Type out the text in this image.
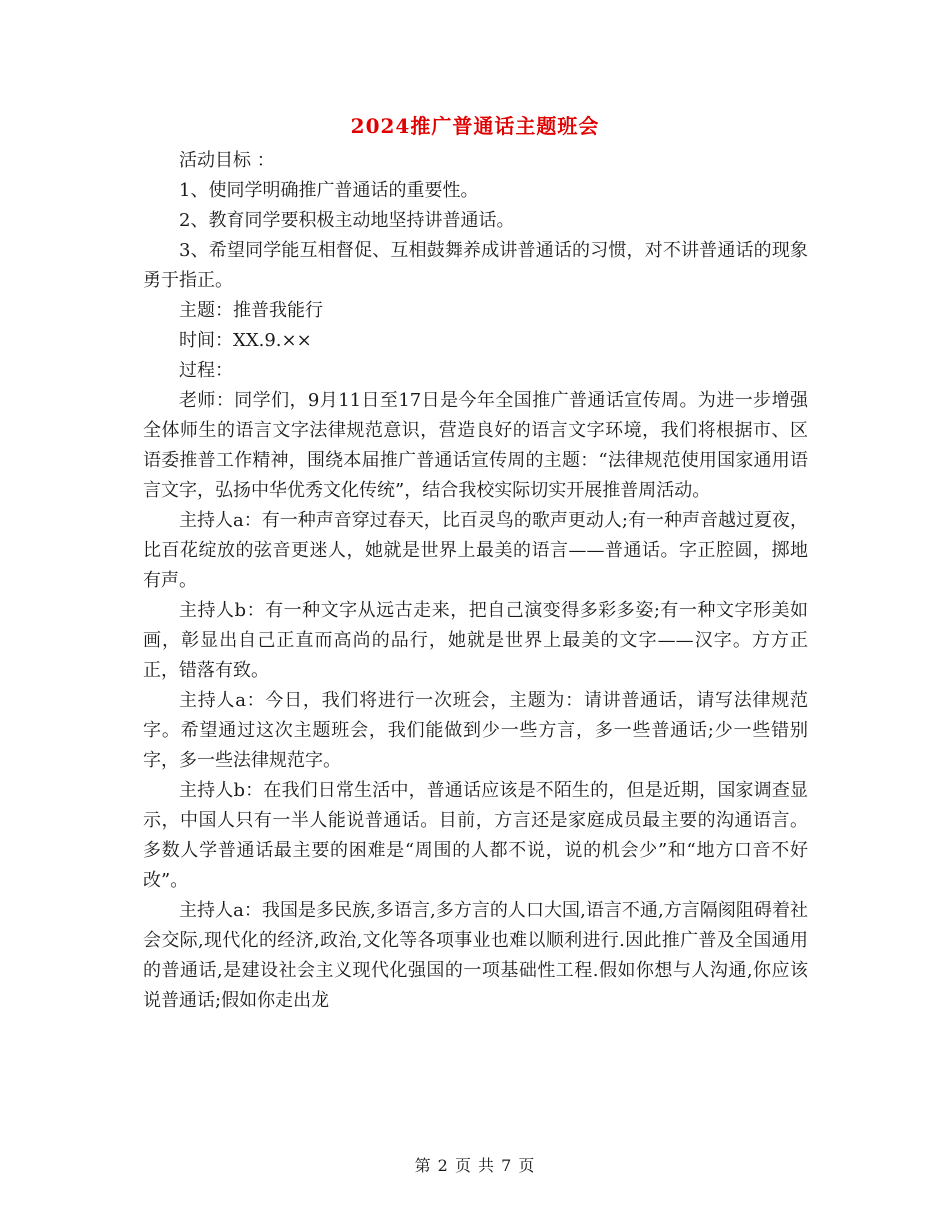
2024推广普通话主题班会

活动目标 ：

1、使同学明确推广普通话的重要性。

2、教育同学要积极主动地坚持讲普通话。

3、希望同学能互相督促、互相鼓舞养成讲普通话的习惯，对不讲普通话的现象勇于指正。

主题：推普我能行

时间：XX.9.××

过程：

老师：同学们，9月11日至17日是今年全国推广普通话宣传周。为进一步增强全体师生的语言文字法律规范意识，营造良好的语言文字环境，我们将根据市、区语委推普工作精神，围绕本届推广普通话宣传周的主题：“法律规范使用国家通用语言文字，弘扬中华优秀文化传统”，结合我校实际切实开展推普周活动。

主持人a：有一种声音穿过春天，比百灵鸟的歌声更动人;有一种声音越过夏夜，比百花绽放的弦音更迷人，她就是世界上最美的语言——普通话。字正腔圆，掷地有声。

主持人b：有一种文字从远古走来，把自己演变得多彩多姿;有一种文字形美如画，彰显出自己正直而高尚的品行，她就是世界上最美的文字——汉字。方方正正，错落有致。

主持人a：今日，我们将进行一次班会，主题为：请讲普通话，请写法律规范字。希望通过这次主题班会，我们能做到少一些方言，多一些普通话;少一些错别字，多一些法律规范字。

主持人b：在我们日常生活中，普通话应该是不陌生的，但是近期，国家调查显示，中国人只有一半人能说普通话。目前，方言还是家庭成员最主要的沟通语言。多数人学普通话最主要的困难是“周围的人都不说，说的机会少”和“地方口音不好改”。

主持人a：我国是多民族,多语言,多方言的人口大国,语言不通,方言隔阂阻碍着社会交际,现代化的经济,政治,文化等各项事业也难以顺利进行.因此推广普及全国通用的普通话,是建设社会主义现代化强国的一项基础性工程.假如你想与人沟通,你应该说普通话;假如你走出龙

第 2 页 共 7 页
